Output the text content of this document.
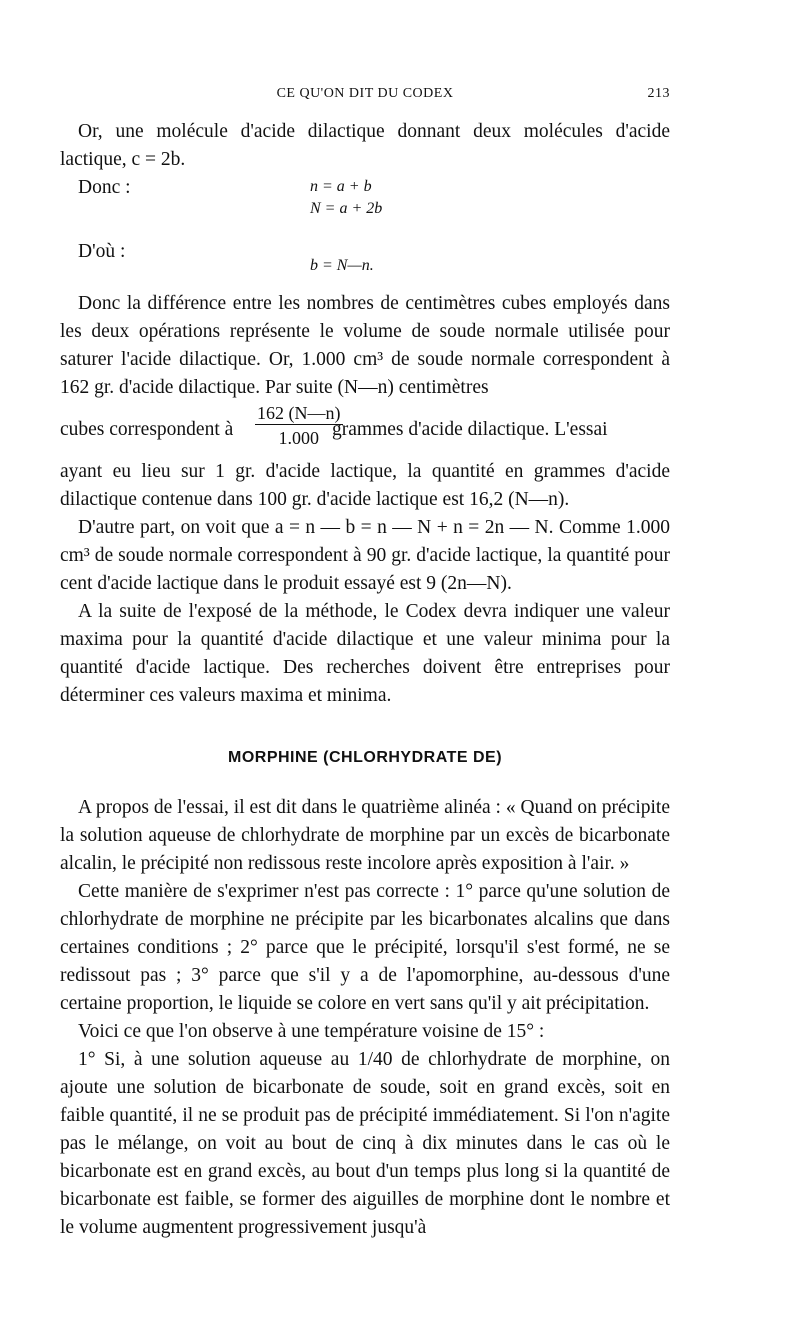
CE QU'ON DIT DU CODEX	213

Or, une molécule d'acide dilactique donnant deux molécules d'acide lactique, c = 2b.

Donc :	n = a + b
N = a + 2b
D'où :
b = N—n.

Donc la différence entre les nombres de centimètres cubes employés dans les deux opérations représente le volume de soude normale utilisée pour saturer l'acide dilactique. Or, 1.000 cm³ de soude normale correspondent à 162 gr. d'acide dilactique. Par suite (N—n) centimètres

cubes correspondent à $\frac{162 (N—n)}{1.000}$
grammes d'acide dilactique. L'essai

ayant eu lieu sur 1 gr. d'acide lactique, la quantité en grammes d'acide dilactique contenue dans 100 gr. d'acide lactique est 16,2 (N—n).

D'autre part, on voit que a = n — b = n — N + n = 2n — N. Comme 1.000 cm³ de soude normale correspondent à 90 gr. d'acide lactique, la quantité pour cent d'acide lactique dans le produit essayé est 9 (2n—N).

A la suite de l'exposé de la méthode, le Codex devra indiquer une valeur maxima pour la quantité d'acide dilactique et une valeur minima pour la quantité d'acide lactique. Des recherches doivent être entreprises pour déterminer ces valeurs maxima et minima.

MORPHINE (CHLORHYDRATE DE)

A propos de l'essai, il est dit dans le quatrième alinéa : « Quand on précipite la solution aqueuse de chlorhydrate de morphine par un excès de bicarbonate alcalin, le précipité non redissous reste incolore après exposition à l'air. »

Cette manière de s'exprimer n'est pas correcte : 1° parce qu'une solution de chlorhydrate de morphine ne précipite par les bicarbonates alcalins que dans certaines conditions ; 2° parce que le précipité, lorsqu'il s'est formé, ne se redissout pas ; 3° parce que s'il y a de l'apomorphine, au-dessous d'une certaine proportion, le liquide se colore en vert sans qu'il y ait précipitation.

Voici ce que l'on observe à une température voisine de 15° :

1° Si, à une solution aqueuse au 1/40 de chlorhydrate de morphine, on ajoute une solution de bicarbonate de soude, soit en grand excès, soit en faible quantité, il ne se produit pas de précipité immédiatement. Si l'on n'agite pas le mélange, on voit au bout de cinq à dix minutes dans le cas où le bicarbonate est en grand excès, au bout d'un temps plus long si la quantité de bicarbonate est faible, se former des aiguilles de morphine dont le nombre et le volume augmentent progressivement jusqu'à
